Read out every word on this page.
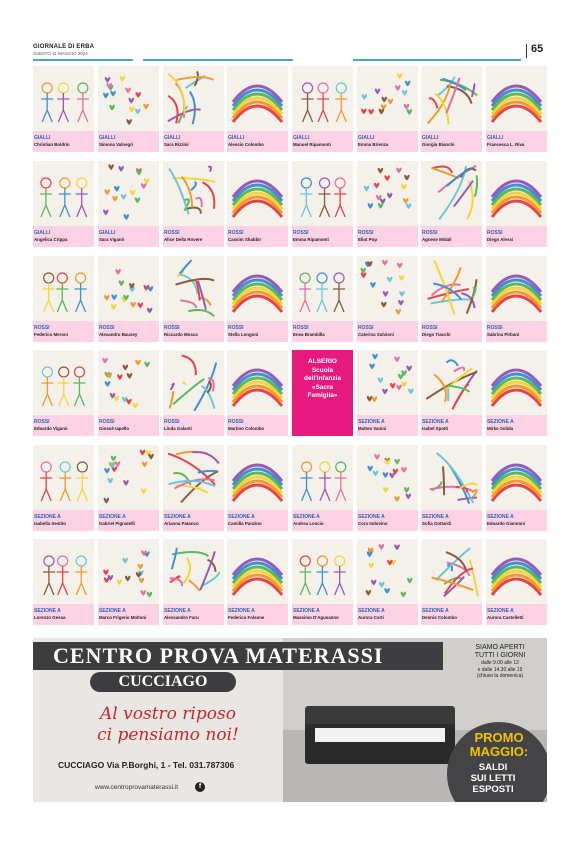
GIORNALE DI ERBA
SABATO 11 MAGGIO 2024	65
GIALLI
Christian Boldrin
GIALLI
Simona Valnegri
GIALLI
Sara Rizzini
GIALLI
Alessio Colombo
GIALLI
Manuel Ripamonti
GIALLI
Emma Brienza
GIALLI
Giorgia Bianchi
GIALLI
Francesca L. Riva
GIALLI
Angelica Crippa
GIALLI
Sara Viganò
ROSSI
Alice Della Rovere
ROSSI
Cassim Shabbir
ROSSI
Emma Ripamonti
ROSSI
Eliot Pop
ROSSI
Agnese Midali
ROSSI
Diego Alessi
ROSSI
Federico Meroni
ROSSI
Alexandru Bausey
ROSSI
Riccardo Mosca
ROSSI
Stella Longoni
ROSSI
Enea Brambilla
ROSSI
Caterina Sulvioni
ROSSI
Diego Tiacchi
ROSSI
Sabrina Pirbani
ROSSI
Edoardo Viganò
ROSSI
Giosuè Iapello
ROSSI
Linda Galanti
ROSSI
Martino Colombo
ALSERIO
Scuola
dell'infanzia
«Sacra
Famiglia»
SEZIONE A
Matteo Vanini
SEZIONE A
Isabel Spotti
SEZIONE A
Mirko Solida
SEZIONE A
Isabella Sestito
SEZIONE A
Gabriel Pignatelli
SEZIONE A
Arianna Patanco
SEZIONE A
Camilla Panzino
SEZIONE A
Andrea Loscio
SEZIONE A
Cora Indovino
SEZIONE A
Sofia Gottardi
SEZIONE A
Edoardo Giannoni
SEZIONE A
Lorenzo Gessa
SEZIONE A
Marco Frigerio Moltoni
SEZIONE A
Alessandro Faru
SEZIONE A
Federico Folsone
SEZIONE A
Massimo D'Agusanno
SEZIONE A
Aurora Corti
SEZIONE A
Dennis Colombo
SEZIONE A
Aurora Castelletti
CENTRO PROVA MATERASSI
CUCCIAGO
Al vostro riposo
ci pensiamo noi!
CUCCIAGO Via P.Borghi, 1 - Tel. 031.787306
www.centroprovamaterassi.it	f
SIAMO APERTI
TUTTI I GIORNI
dalle 9.00 alle 12
e dalle 14.30 alle 19
(chiuso la domenica)
PROMO
MAGGIO:
SALDI
SUI LETTI
ESPOSTI
.
